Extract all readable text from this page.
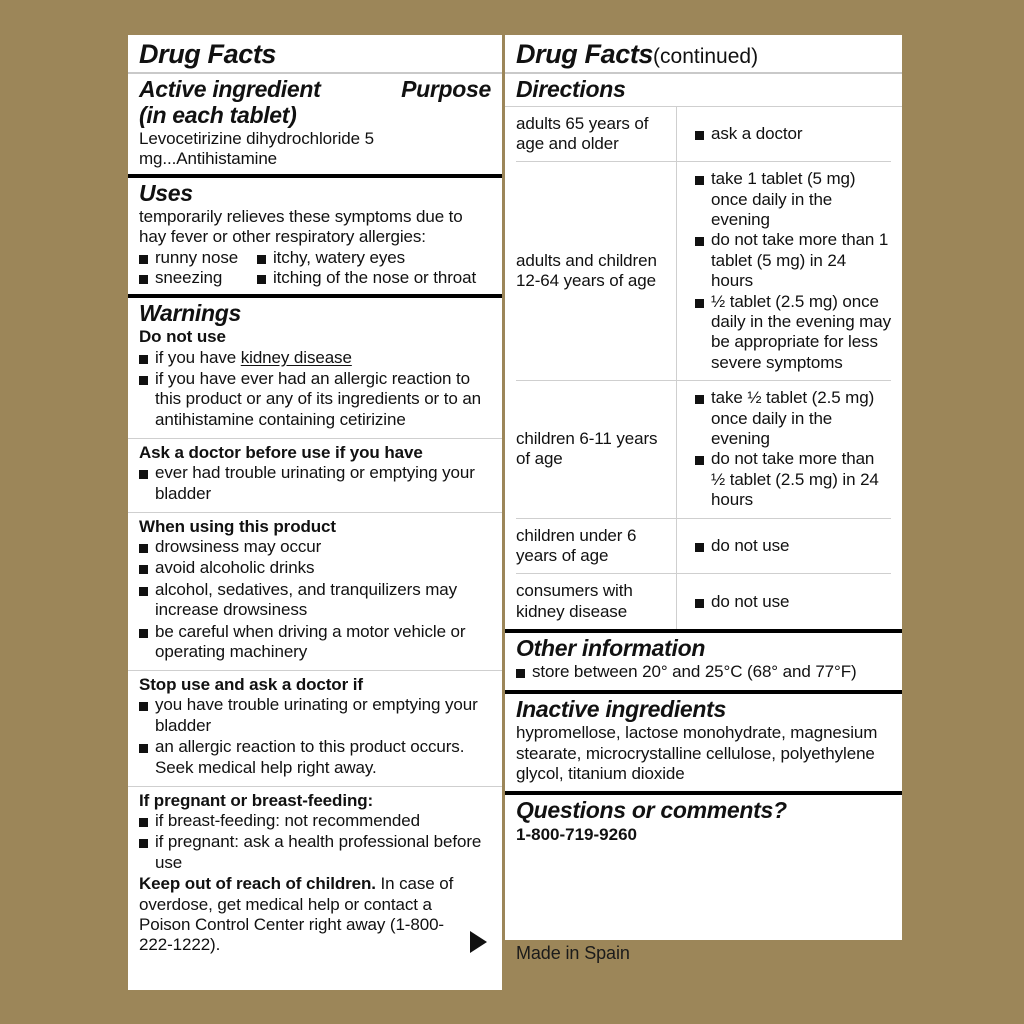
Drug Facts
Active ingredient
(in each tablet)
Purpose

Levocetirizine dihydrochloride 5 mg...Antihistamine

Uses

temporarily relieves these symptoms due to hay fever or other respiratory allergies:

runny nose	itchy, watery eyes
sneezing	itching of the nose or throat
Warnings
Do not use
if you have kidney disease
if you have ever had an allergic reaction to this product or any of its ingredients or to an antihistamine containing cetirizine
Ask a doctor before use if you have
ever had trouble urinating or emptying your bladder
When using this product
drowsiness may occur
avoid alcoholic drinks
alcohol, sedatives, and tranquilizers may increase drowsiness
be careful when driving a motor vehicle or operating machinery
Stop use and ask a doctor if
you have trouble urinating or emptying your bladder
an allergic reaction to this product occurs. Seek medical help right away.
If pregnant or breast-feeding:
if breast-feeding: not recommended
if pregnant: ask a health professional before use

Keep out of reach of children. In case of overdose, get medical help or contact a Poison Control Center right away (1-800-222-1222).

Drug Facts(continued)
Directions
adults 65 years of age and older	
ask a doctor

adults and children 12-64 years of age	
take 1 tablet (5 mg) once daily in the evening
do not take more than 1 tablet (5 mg) in 24 hours
½ tablet (2.5 mg) once daily in the evening may be appropriate for less severe symptoms

children 6-11 years of age	
take ½ tablet (2.5 mg) once daily in the evening
do not take more than ½ tablet (2.5 mg) in 24 hours

children under 6 years of age	
do not use

consumers with kidney disease	
do not use
Other information
store between 20° and 25°C (68° and 77°F)
Inactive ingredients

hypromellose, lactose monohydrate, magnesium stearate, microcrystalline cellulose, polyethylene glycol, titanium dioxide

Questions or comments?

1-800-719-9260

Made in Spain
